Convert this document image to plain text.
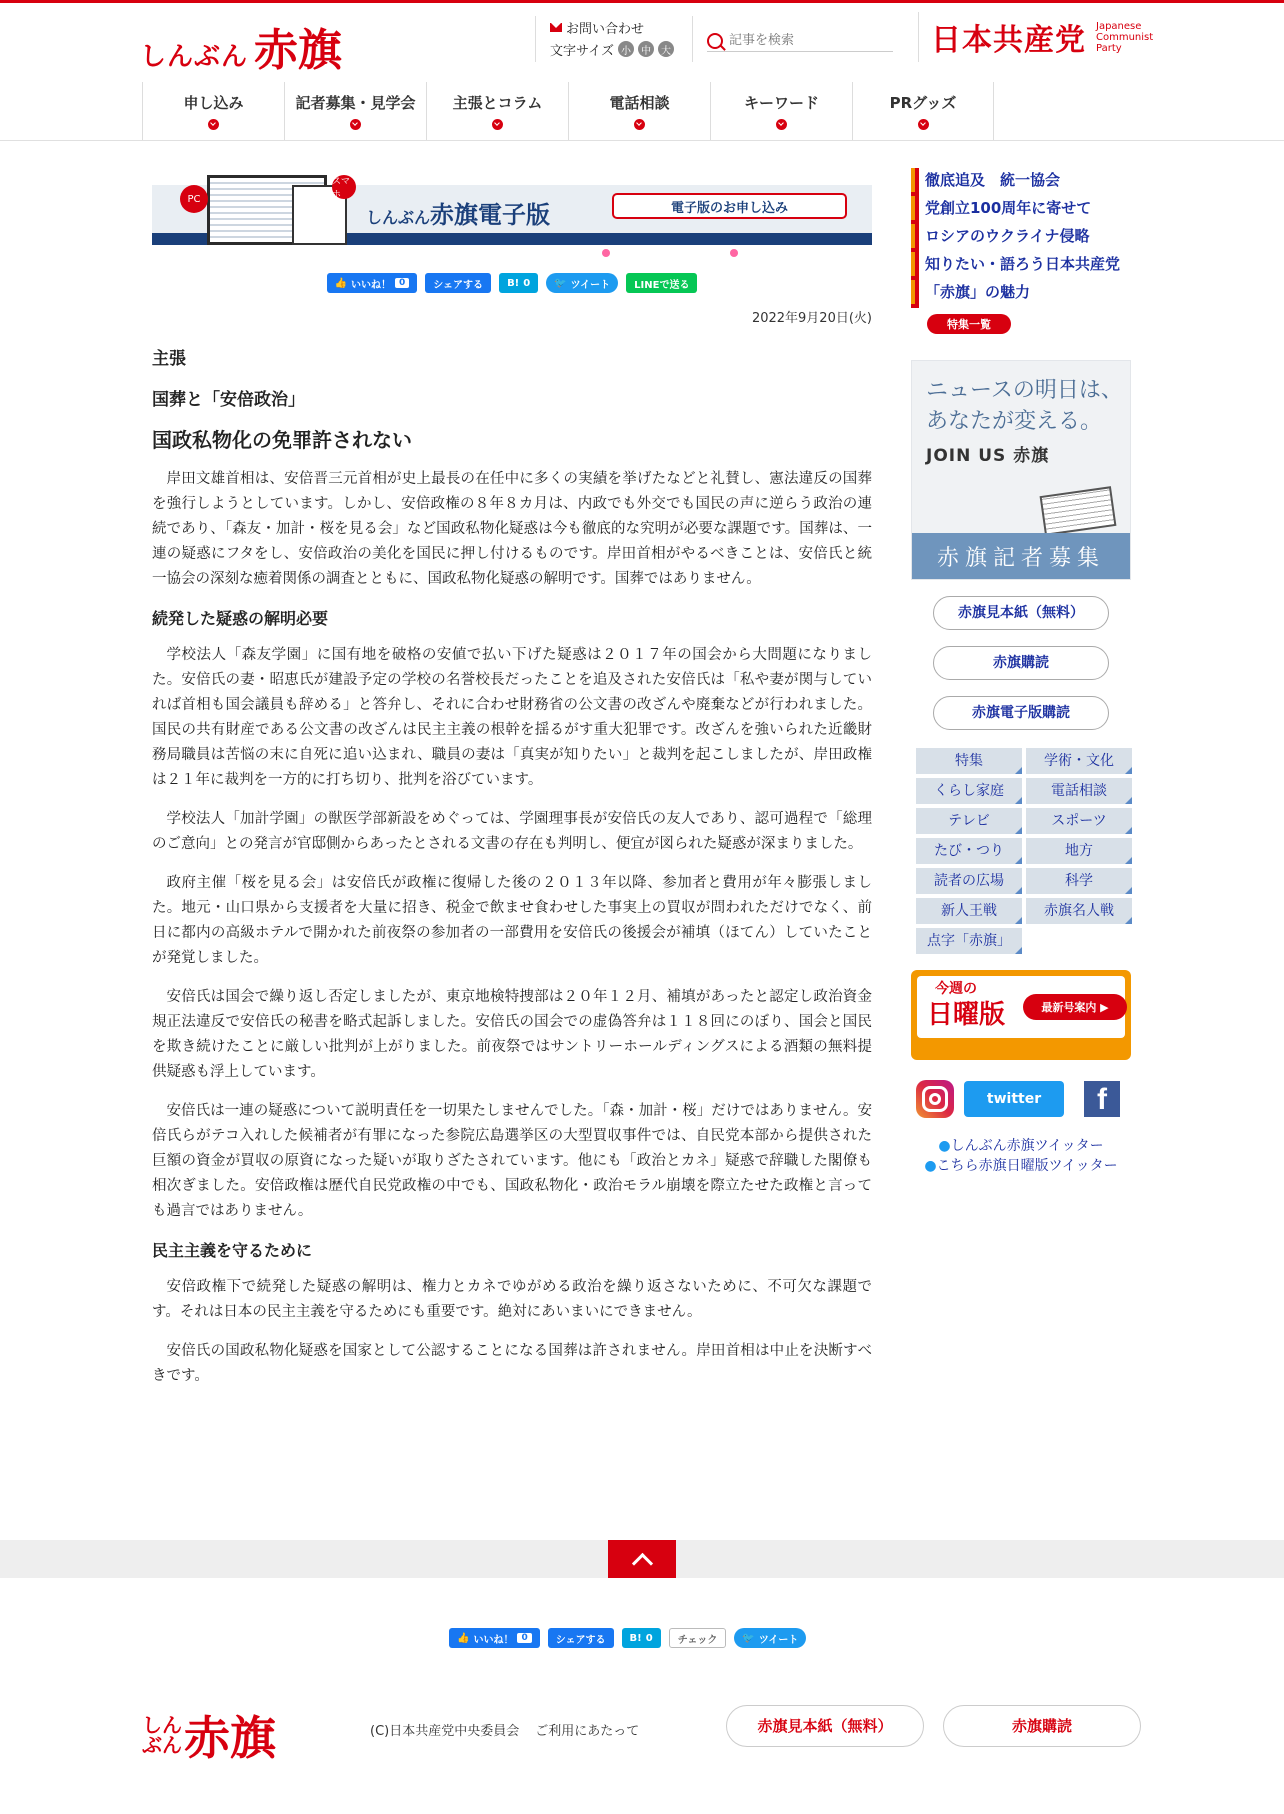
しんぶん 赤旗	お問い合わせ
文字サイズ 小	中	大
記事を検索	日本共産党 Japanese
Communist
Party
申し込み	記者募集・見学会	主張とコラム	電話相談	キーワード	PRグッズ
PC
スマホ
しんぶん赤旗電子版	電子版のお申し込み
Akahata digital edition	日刊紙が全ページ読める	過去1年分の検索ができる
👍 いいね！ 0	シェアする	B! 0	🐦 ツイート	LINEで送る
2022年9月20日(火)
主張
国葬と「安倍政治」
国政私物化の免罪許されない

岸田文雄首相は、安倍晋三元首相が史上最長の在任中に多くの実績を挙げたなどと礼賛し、憲法違反の国葬を強行しようとしています。しかし、安倍政権の８年８カ月は、内政でも外交でも国民の声に逆らう政治の連続であり、「森友・加計・桜を見る会」など国政私物化疑惑は今も徹底的な究明が必要な課題です。国葬は、一連の疑惑にフタをし、安倍政治の美化を国民に押し付けるものです。岸田首相がやるべきことは、安倍氏と統一協会の深刻な癒着関係の調査とともに、国政私物化疑惑の解明です。国葬ではありません。

続発した疑惑の解明必要

学校法人「森友学園」に国有地を破格の安値で払い下げた疑惑は２０１７年の国会から大問題になりました。安倍氏の妻・昭恵氏が建設予定の学校の名誉校長だったことを追及された安倍氏は「私や妻が関与していれば首相も国会議員も辞める」と答弁し、それに合わせ財務省の公文書の改ざんや廃棄などが行われました。国民の共有財産である公文書の改ざんは民主主義の根幹を揺るがす重大犯罪です。改ざんを強いられた近畿財務局職員は苦悩の末に自死に追い込まれ、職員の妻は「真実が知りたい」と裁判を起こしましたが、岸田政権は２１年に裁判を一方的に打ち切り、批判を浴びています。

学校法人「加計学園」の獣医学部新設をめぐっては、学園理事長が安倍氏の友人であり、認可過程で「総理のご意向」との発言が官邸側からあったとされる文書の存在も判明し、便宜が図られた疑惑が深まりました。

政府主催「桜を見る会」は安倍氏が政権に復帰した後の２０１３年以降、参加者と費用が年々膨張しました。地元・山口県から支援者を大量に招き、税金で飲ませ食わせした事実上の買収が問われただけでなく、前日に都内の高級ホテルで開かれた前夜祭の参加者の一部費用を安倍氏の後援会が補填（ほてん）していたことが発覚しました。

安倍氏は国会で繰り返し否定しましたが、東京地検特捜部は２０年１２月、補填があったと認定し政治資金規正法違反で安倍氏の秘書を略式起訴しました。安倍氏の国会での虚偽答弁は１１８回にのぼり、国会と国民を欺き続けたことに厳しい批判が上がりました。前夜祭ではサントリーホールディングスによる酒類の無料提供疑惑も浮上しています。

安倍氏は一連の疑惑について説明責任を一切果たしませんでした。「森・加計・桜」だけではありません。安倍氏らがテコ入れした候補者が有罪になった参院広島選挙区の大型買収事件では、自民党本部から提供された巨額の資金が買収の原資になった疑いが取りざたされています。他にも「政治とカネ」疑惑で辞職した閣僚も相次ぎました。安倍政権は歴代自民党政権の中でも、国政私物化・政治モラル崩壊を際立たせた政権と言っても過言ではありません。

民主主義を守るために

安倍政権下で続発した疑惑の解明は、権力とカネでゆがめる政治を繰り返さないために、不可欠な課題です。それは日本の民主主義を守るためにも重要です。絶対にあいまいにできません。

安倍氏の国政私物化疑惑を国家として公認することになる国葬は許されません。岸田首相は中止を決断すべきです。

徹底追及　統一協会
党創立100周年に寄せて
ロシアのウクライナ侵略
知りたい・語ろう日本共産党
「赤旗」の魅力
特集一覧
ニュースの明日は、
あなたが変える。
JOIN US 赤旗
赤旗記者募集
赤旗見本紙（無料）
赤旗購読
赤旗電子版購読
特集	学術・文化
くらし家庭	電話相談
テレビ	スポーツ
たび・つり	地方
読者の広場	科学
新人王戦	赤旗名人戦
点字「赤旗」
今週の
日曜版	最新号案内 ▶
twitter	f
● しんぶん赤旗ツイッター
● こちら赤旗日曜版ツイッター
👍 いいね！ 0	シェアする	B! 0	チェック	🐦 ツイート
しんぶん 赤旗	(C)日本共産党中央委員会 ご利用にあたって	赤旗見本紙（無料）	赤旗購読
